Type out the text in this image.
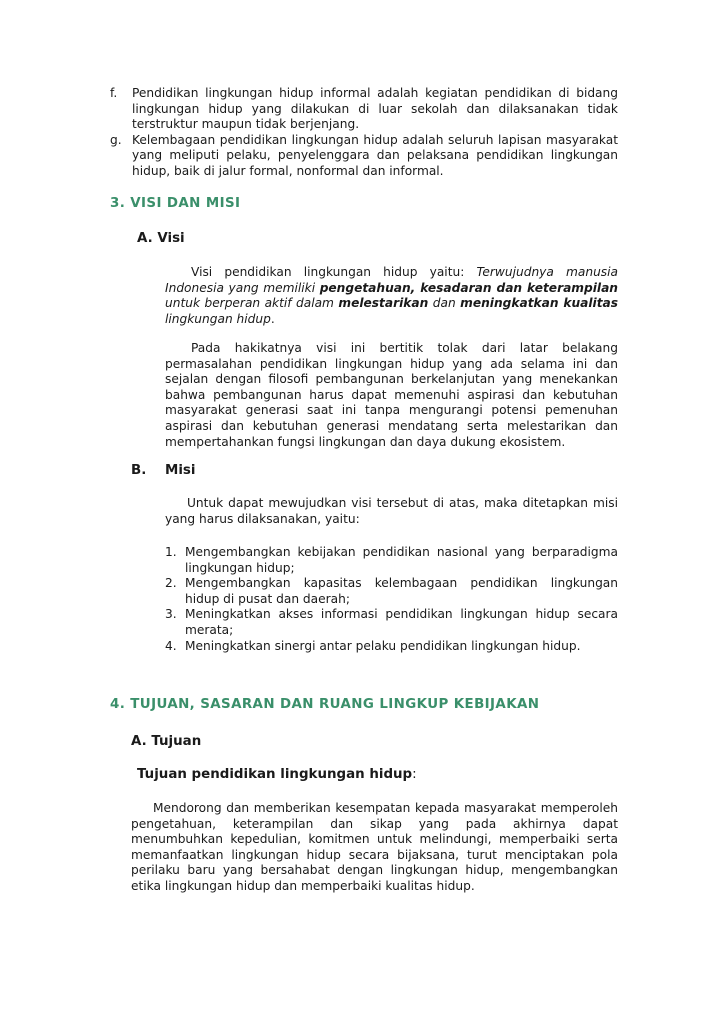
f.	Pendidikan lingkungan hidup informal adalah kegiatan pendidikan di bidang lingkungan hidup yang dilakukan di luar sekolah dan dilaksanakan tidak terstruktur maupun tidak berjenjang.

g. Kelembagaan pendidikan lingkungan hidup adalah seluruh lapisan masyarakat yang meliputi pelaku, penyelenggara dan pelaksana pendidikan lingkungan hidup, baik di jalur formal, nonformal dan informal.

3. VISI DAN MISI
A. Visi

Visi pendidikan lingkungan hidup yaitu: Terwujudnya manusia Indonesia yang memiliki pengetahuan, kesadaran dan keterampilan untuk berperan aktif dalam melestarikan dan meningkatkan kualitas lingkungan hidup.

Pada hakikatnya visi ini bertitik tolak dari latar belakang permasalahan pendidikan lingkungan hidup yang ada selama ini dan sejalan dengan filosofi pembangunan berkelanjutan yang menekankan bahwa pembangunan harus dapat memenuhi aspirasi dan kebutuhan masyarakat generasi saat ini tanpa mengurangi potensi pemenuhan aspirasi dan kebutuhan generasi mendatang serta melestarikan dan mempertahankan fungsi lingkungan dan daya dukung ekosistem.

B.	Misi

Untuk dapat mewujudkan visi tersebut di atas, maka ditetapkan misi yang harus dilaksanakan, yaitu:

1. Mengembangkan kebijakan pendidikan nasional yang berparadigma lingkungan hidup;
2. Mengembangkan kapasitas kelembagaan pendidikan lingkungan hidup di pusat dan daerah;
3. Meningkatkan akses informasi pendidikan lingkungan hidup secara merata;
4. Meningkatkan sinergi antar pelaku pendidikan lingkungan hidup.
4. TUJUAN, SASARAN DAN RUANG LINGKUP KEBIJAKAN
A. Tujuan
Tujuan pendidikan lingkungan hidup:

Mendorong dan memberikan kesempatan kepada masyarakat memperoleh pengetahuan, keterampilan dan sikap yang pada akhirnya dapat menumbuhkan kepedulian, komitmen untuk melindungi, memperbaiki serta memanfaatkan lingkungan hidup secara bijaksana, turut menciptakan pola perilaku baru yang bersahabat dengan lingkungan hidup, mengembangkan etika lingkungan hidup dan memperbaiki kualitas hidup.
